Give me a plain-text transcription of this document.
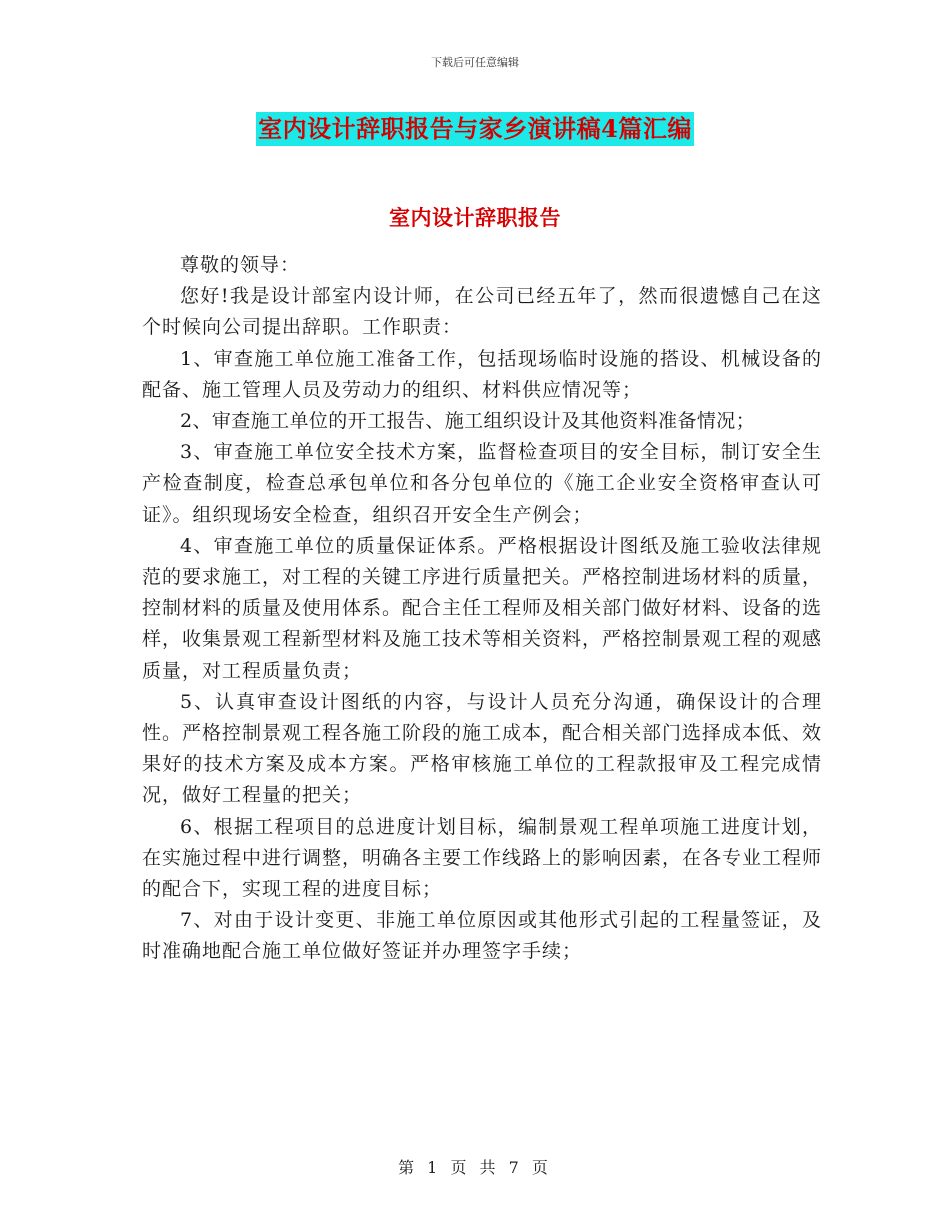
下载后可任意编辑
室内设计辞职报告与家乡演讲稿4篇汇编
室内设计辞职报告

尊敬的领导：

您好!我是设计部室内设计师，在公司已经五年了，然而很遗憾自己在这个时候向公司提出辞职。工作职责：

1、审查施工单位施工准备工作，包括现场临时设施的搭设、机械设备的配备、施工管理人员及劳动力的组织、材料供应情况等；

2、审查施工单位的开工报告、施工组织设计及其他资料准备情况；

3、审查施工单位安全技术方案，监督检查项目的安全目标，制订安全生产检查制度，检查总承包单位和各分包单位的《施工企业安全资格审查认可证》。组织现场安全检查，组织召开安全生产例会；

4、审查施工单位的质量保证体系。严格根据设计图纸及施工验收法律规范的要求施工，对工程的关键工序进行质量把关。严格控制进场材料的质量，控制材料的质量及使用体系。配合主任工程师及相关部门做好材料、设备的选样，收集景观工程新型材料及施工技术等相关资料，严格控制景观工程的观感质量，对工程质量负责；

5、认真审查设计图纸的内容，与设计人员充分沟通，确保设计的合理性。严格控制景观工程各施工阶段的施工成本，配合相关部门选择成本低、效果好的技术方案及成本方案。严格审核施工单位的工程款报审及工程完成情况，做好工程量的把关；

6、根据工程项目的总进度计划目标，编制景观工程单项施工进度计划，在实施过程中进行调整，明确各主要工作线路上的影响因素，在各专业工程师的配合下，实现工程的进度目标；

7、对由于设计变更、非施工单位原因或其他形式引起的工程量签证，及时准确地配合施工单位做好签证并办理签字手续；

第 1 页 共 7 页
